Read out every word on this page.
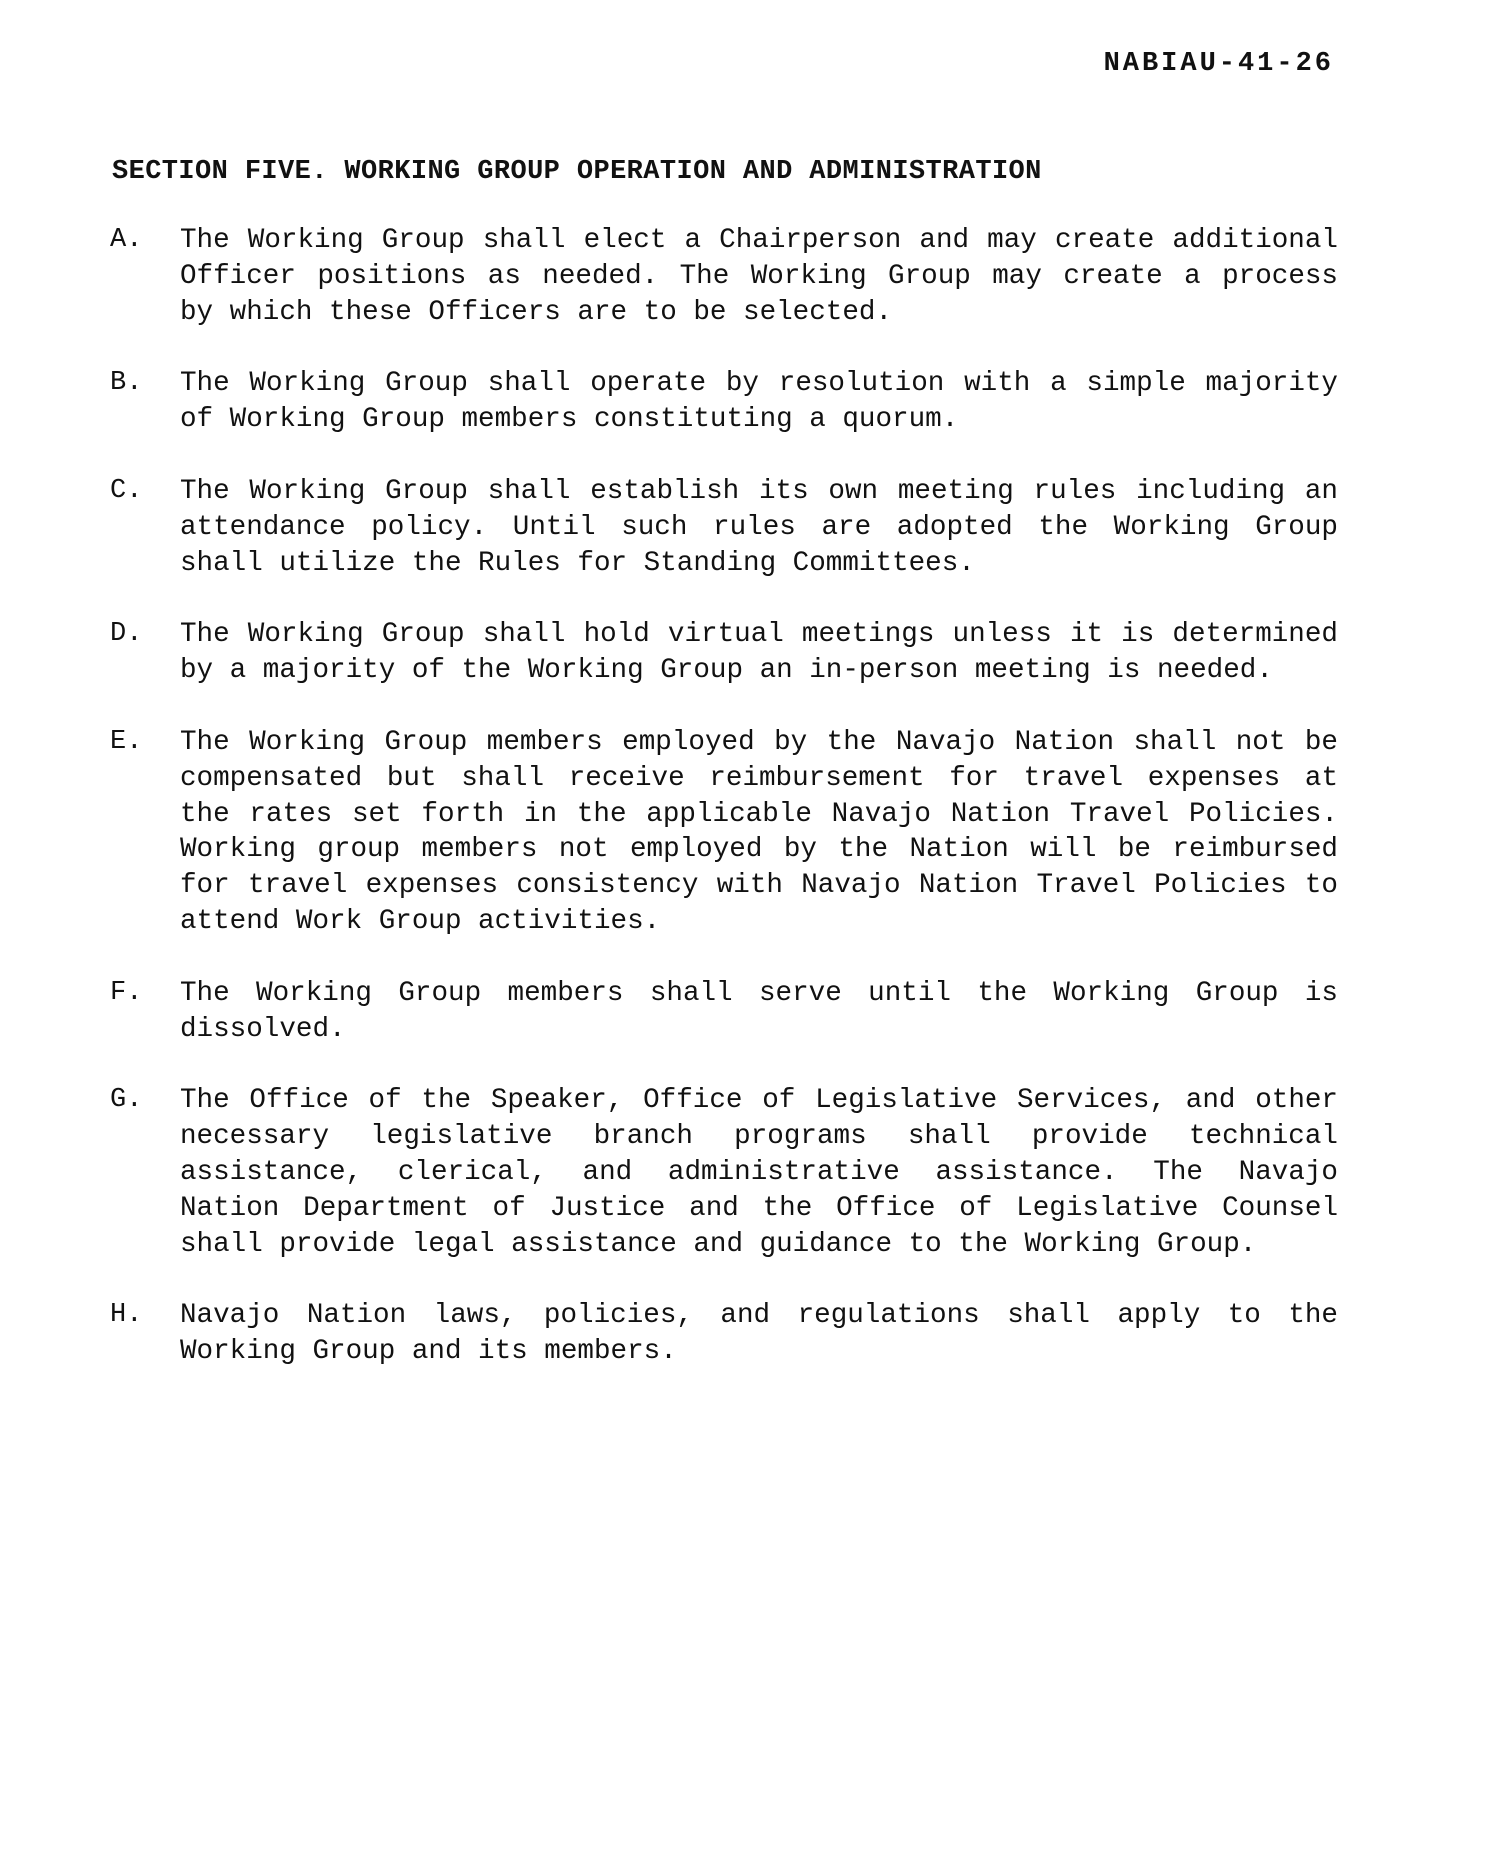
NABIAU-41-26
SECTION FIVE. WORKING GROUP OPERATION AND ADMINISTRATION
A.	The Working Group shall elect a Chairperson and may create additional Officer positions as needed. The Working Group may create a process by which these Officers are to be selected.
B.	The Working Group shall operate by resolution with a simple majority of Working Group members constituting a quorum.
C.	The Working Group shall establish its own meeting rules including an attendance policy. Until such rules are adopted the Working Group shall utilize the Rules for Standing Committees.
D.	The Working Group shall hold virtual meetings unless it is determined by a majority of the Working Group an in-person meeting is needed.
E.	The Working Group members employed by the Navajo Nation shall not be compensated but shall receive reimbursement for travel expenses at the rates set forth in the applicable Navajo Nation Travel Policies. Working group members not employed by the Nation will be reimbursed for travel expenses consistency with Navajo Nation Travel Policies to attend Work Group activities.
F.	The Working Group members shall serve until the Working Group is dissolved.
G.	The Office of the Speaker, Office of Legislative Services, and other necessary legislative branch programs shall provide technical assistance, clerical, and administrative assistance. The Navajo Nation Department of Justice and the Office of Legislative Counsel shall provide legal assistance and guidance to the Working Group.
H.	Navajo Nation laws, policies, and regulations shall apply to the Working Group and its members.
